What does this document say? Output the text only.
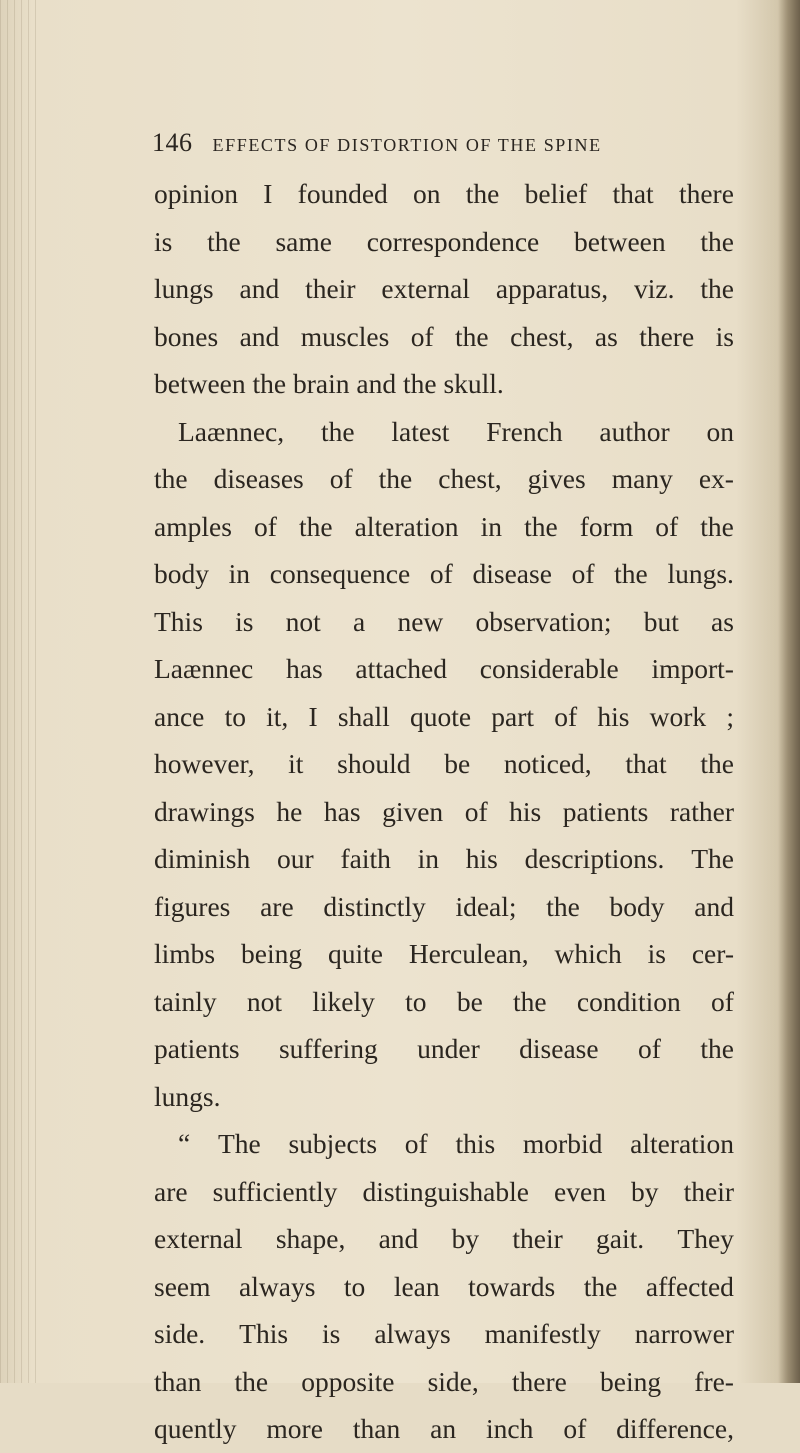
146 EFFECTS OF DISTORTION OF THE SPINE
opinion I founded on the belief that there
is the same correspondence between the
lungs and their external apparatus, viz. the
bones and muscles of the chest, as there is
between the brain and the skull.
Laænnec, the latest French author on
the diseases of the chest, gives many ex-
amples of the alteration in the form of the
body in consequence of disease of the lungs.
This is not a new observation; but as
Laænnec has attached considerable import-
ance to it, I shall quote part of his work ;
however, it should be noticed, that the
drawings he has given of his patients rather
diminish our faith in his descriptions. The
figures are distinctly ideal; the body and
limbs being quite Herculean, which is cer-
tainly not likely to be the condition of
patients suffering under disease of the
lungs.
“ The subjects of this morbid alteration
are sufficiently distinguishable even by their
external shape, and by their gait. They
seem always to lean towards the affected
side. This is always manifestly narrower
than the opposite side, there being fre-
quently more than an inch of difference,
